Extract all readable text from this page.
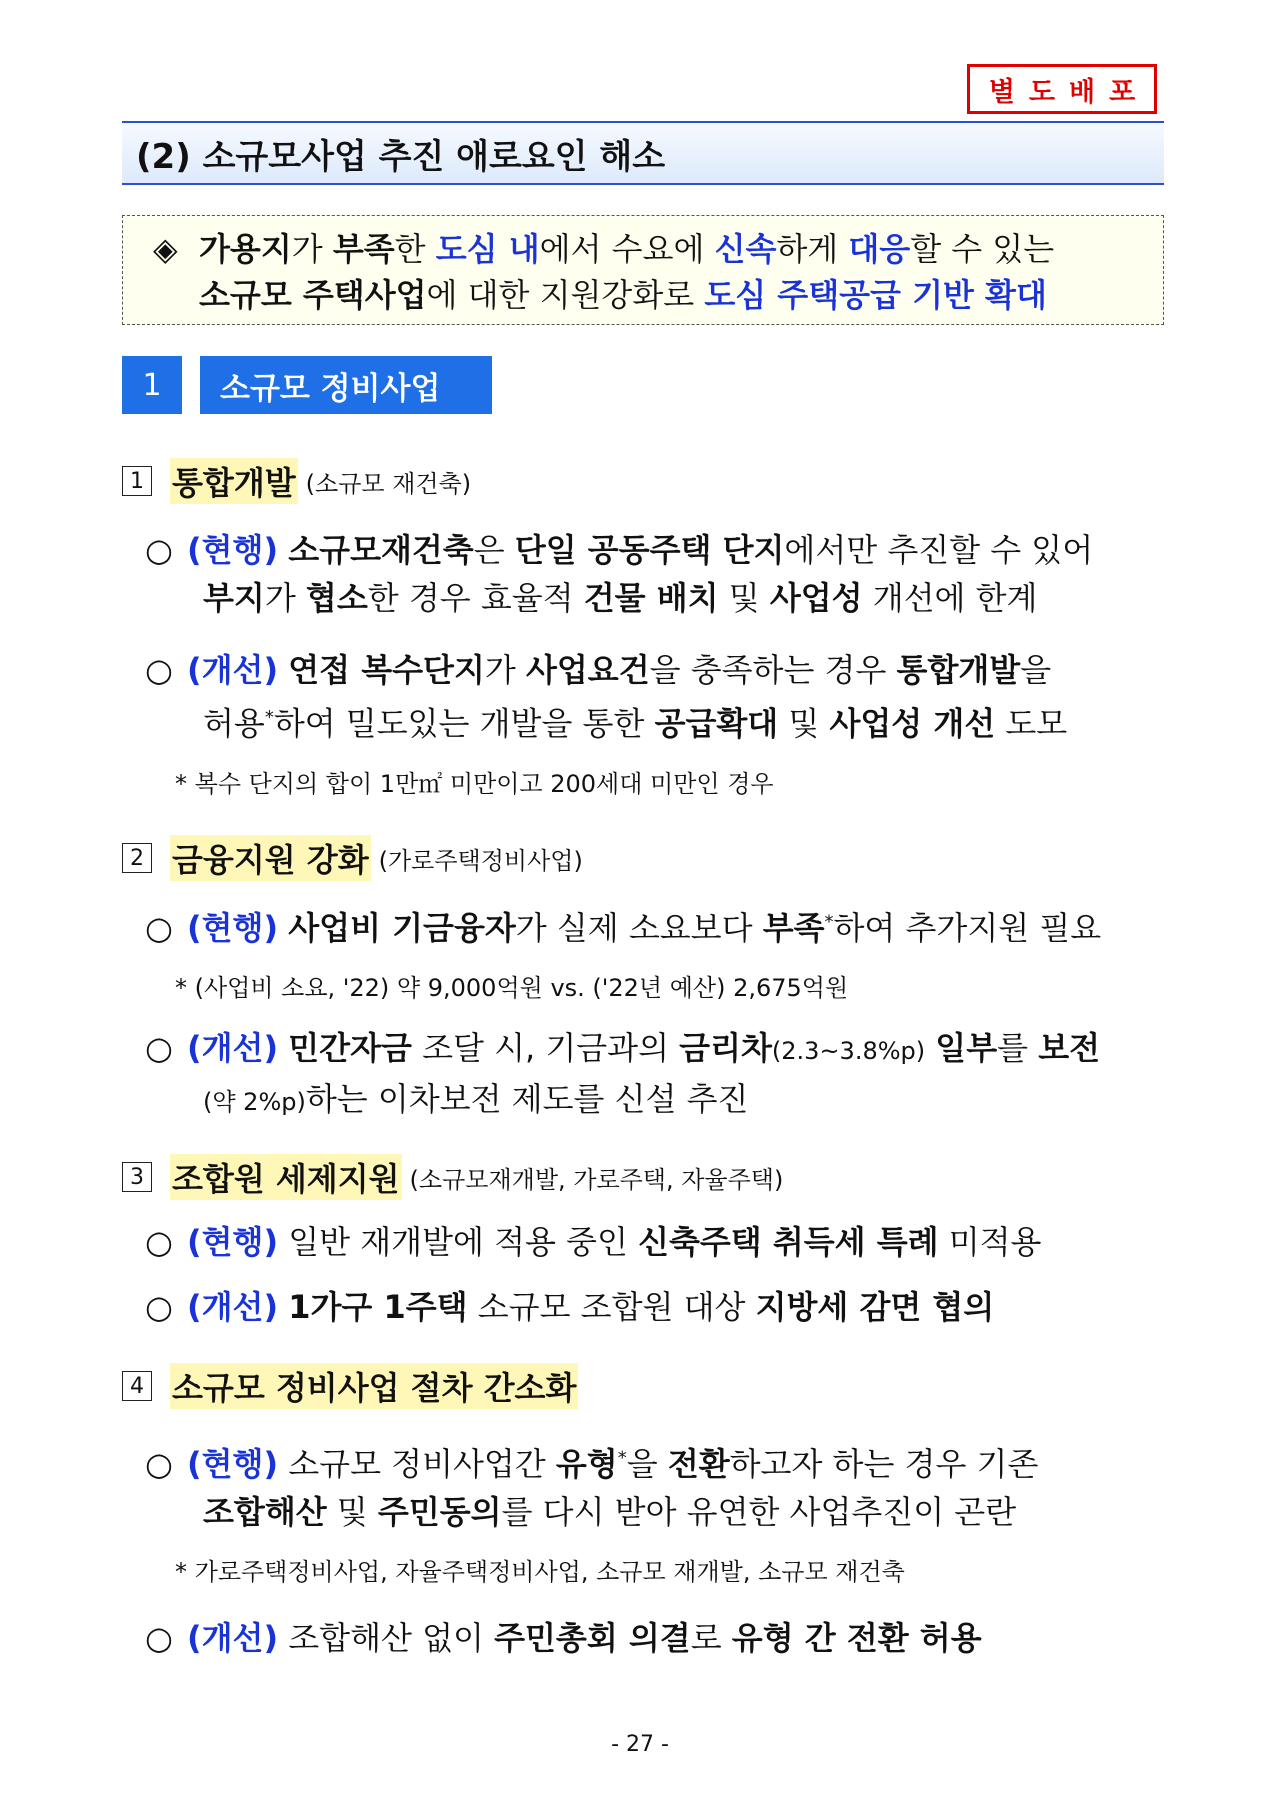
별도배포
(2) 소규모사업 추진 애로요인 해소
◈ 가용지가 부족한 도심 내에서 수요에 신속하게 대응할 수 있는
소규모 주택사업에 대한 지원강화로 도심 주택공급 기반 확대
1	소규모 정비사업
1 통합개발 (소규모 재건축)
○ (현행) 소규모재건축은 단일 공동주택 단지에서만 추진할 수 있어
부지가 협소한 경우 효율적 건물 배치 및 사업성 개선에 한계
○ (개선) 연접 복수단지가 사업요건을 충족하는 경우 통합개발을
허용*하여 밀도있는 개발을 통한 공급확대 및 사업성 개선 도모
* 복수 단지의 합이 1만㎡ 미만이고 200세대 미만인 경우
2 금융지원 강화 (가로주택정비사업)
○ (현행) 사업비 기금융자가 실제 소요보다 부족*하여 추가지원 필요
* (사업비 소요, '22) 약 9,000억원 vs. ('22년 예산) 2,675억원
○ (개선) 민간자금 조달 시, 기금과의 금리차(2.3~3.8%p) 일부를 보전
(약 2%p)하는 이차보전 제도를 신설 추진
3 조합원 세제지원 (소규모재개발, 가로주택, 자율주택)
○ (현행) 일반 재개발에 적용 중인 신축주택 취득세 특례 미적용
○ (개선) 1가구 1주택 소규모 조합원 대상 지방세 감면 협의
4 소규모 정비사업 절차 간소화
○ (현행) 소규모 정비사업간 유형*을 전환하고자 하는 경우 기존
조합해산 및 주민동의를 다시 받아 유연한 사업추진이 곤란
* 가로주택정비사업, 자율주택정비사업, 소규모 재개발, 소규모 재건축
○ (개선) 조합해산 없이 주민총회 의결로 유형 간 전환 허용
- 27 -
